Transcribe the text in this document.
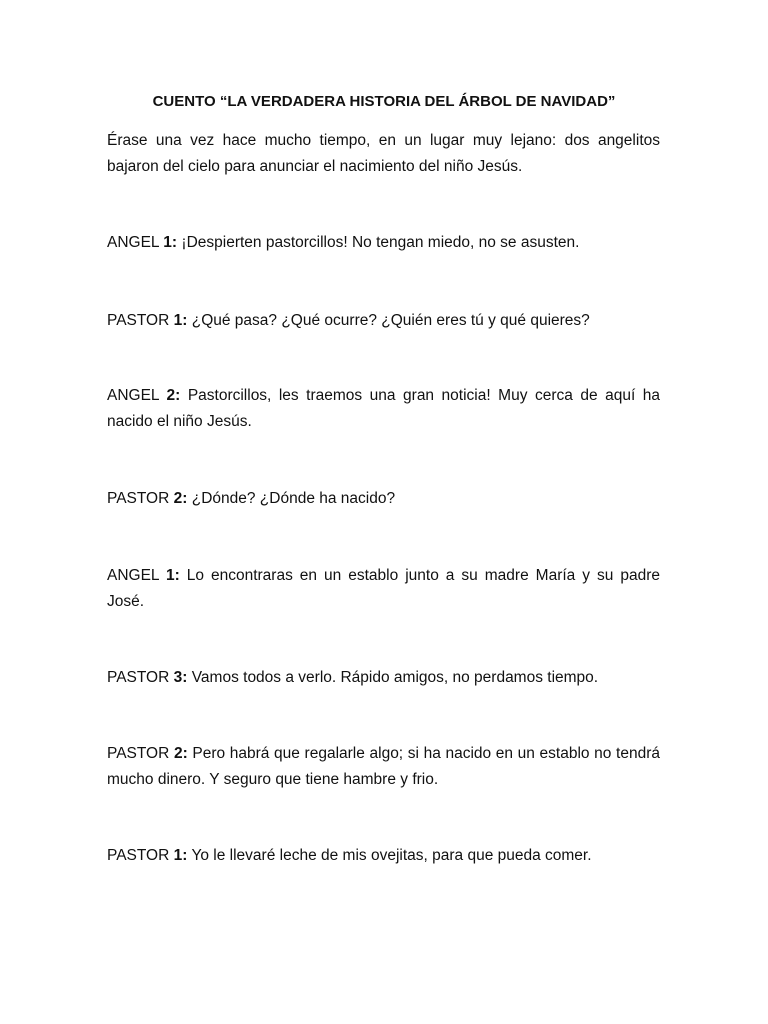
CUENTO “LA VERDADERA HISTORIA DEL ÁRBOL DE NAVIDAD”
Érase una vez hace mucho tiempo, en un lugar muy lejano: dos angelitos bajaron del cielo para anunciar el nacimiento del niño Jesús.
ANGEL 1: ¡Despierten pastorcillos! No tengan miedo, no se asusten.
PASTOR 1: ¿Qué pasa? ¿Qué ocurre? ¿Quién eres tú y qué quieres?
ANGEL 2: Pastorcillos, les traemos una gran noticia! Muy cerca de aquí ha nacido el niño Jesús.
PASTOR 2: ¿Dónde? ¿Dónde ha nacido?
ANGEL 1: Lo encontraras en un establo junto a su madre María y su padre José.
PASTOR 3: Vamos todos a verlo. Rápido amigos, no perdamos tiempo.
PASTOR 2: Pero habrá que regalarle algo; si ha nacido en un establo no tendrá mucho dinero. Y seguro que tiene hambre y frio.
PASTOR 1: Yo le llevaré leche de mis ovejitas, para que pueda comer.
